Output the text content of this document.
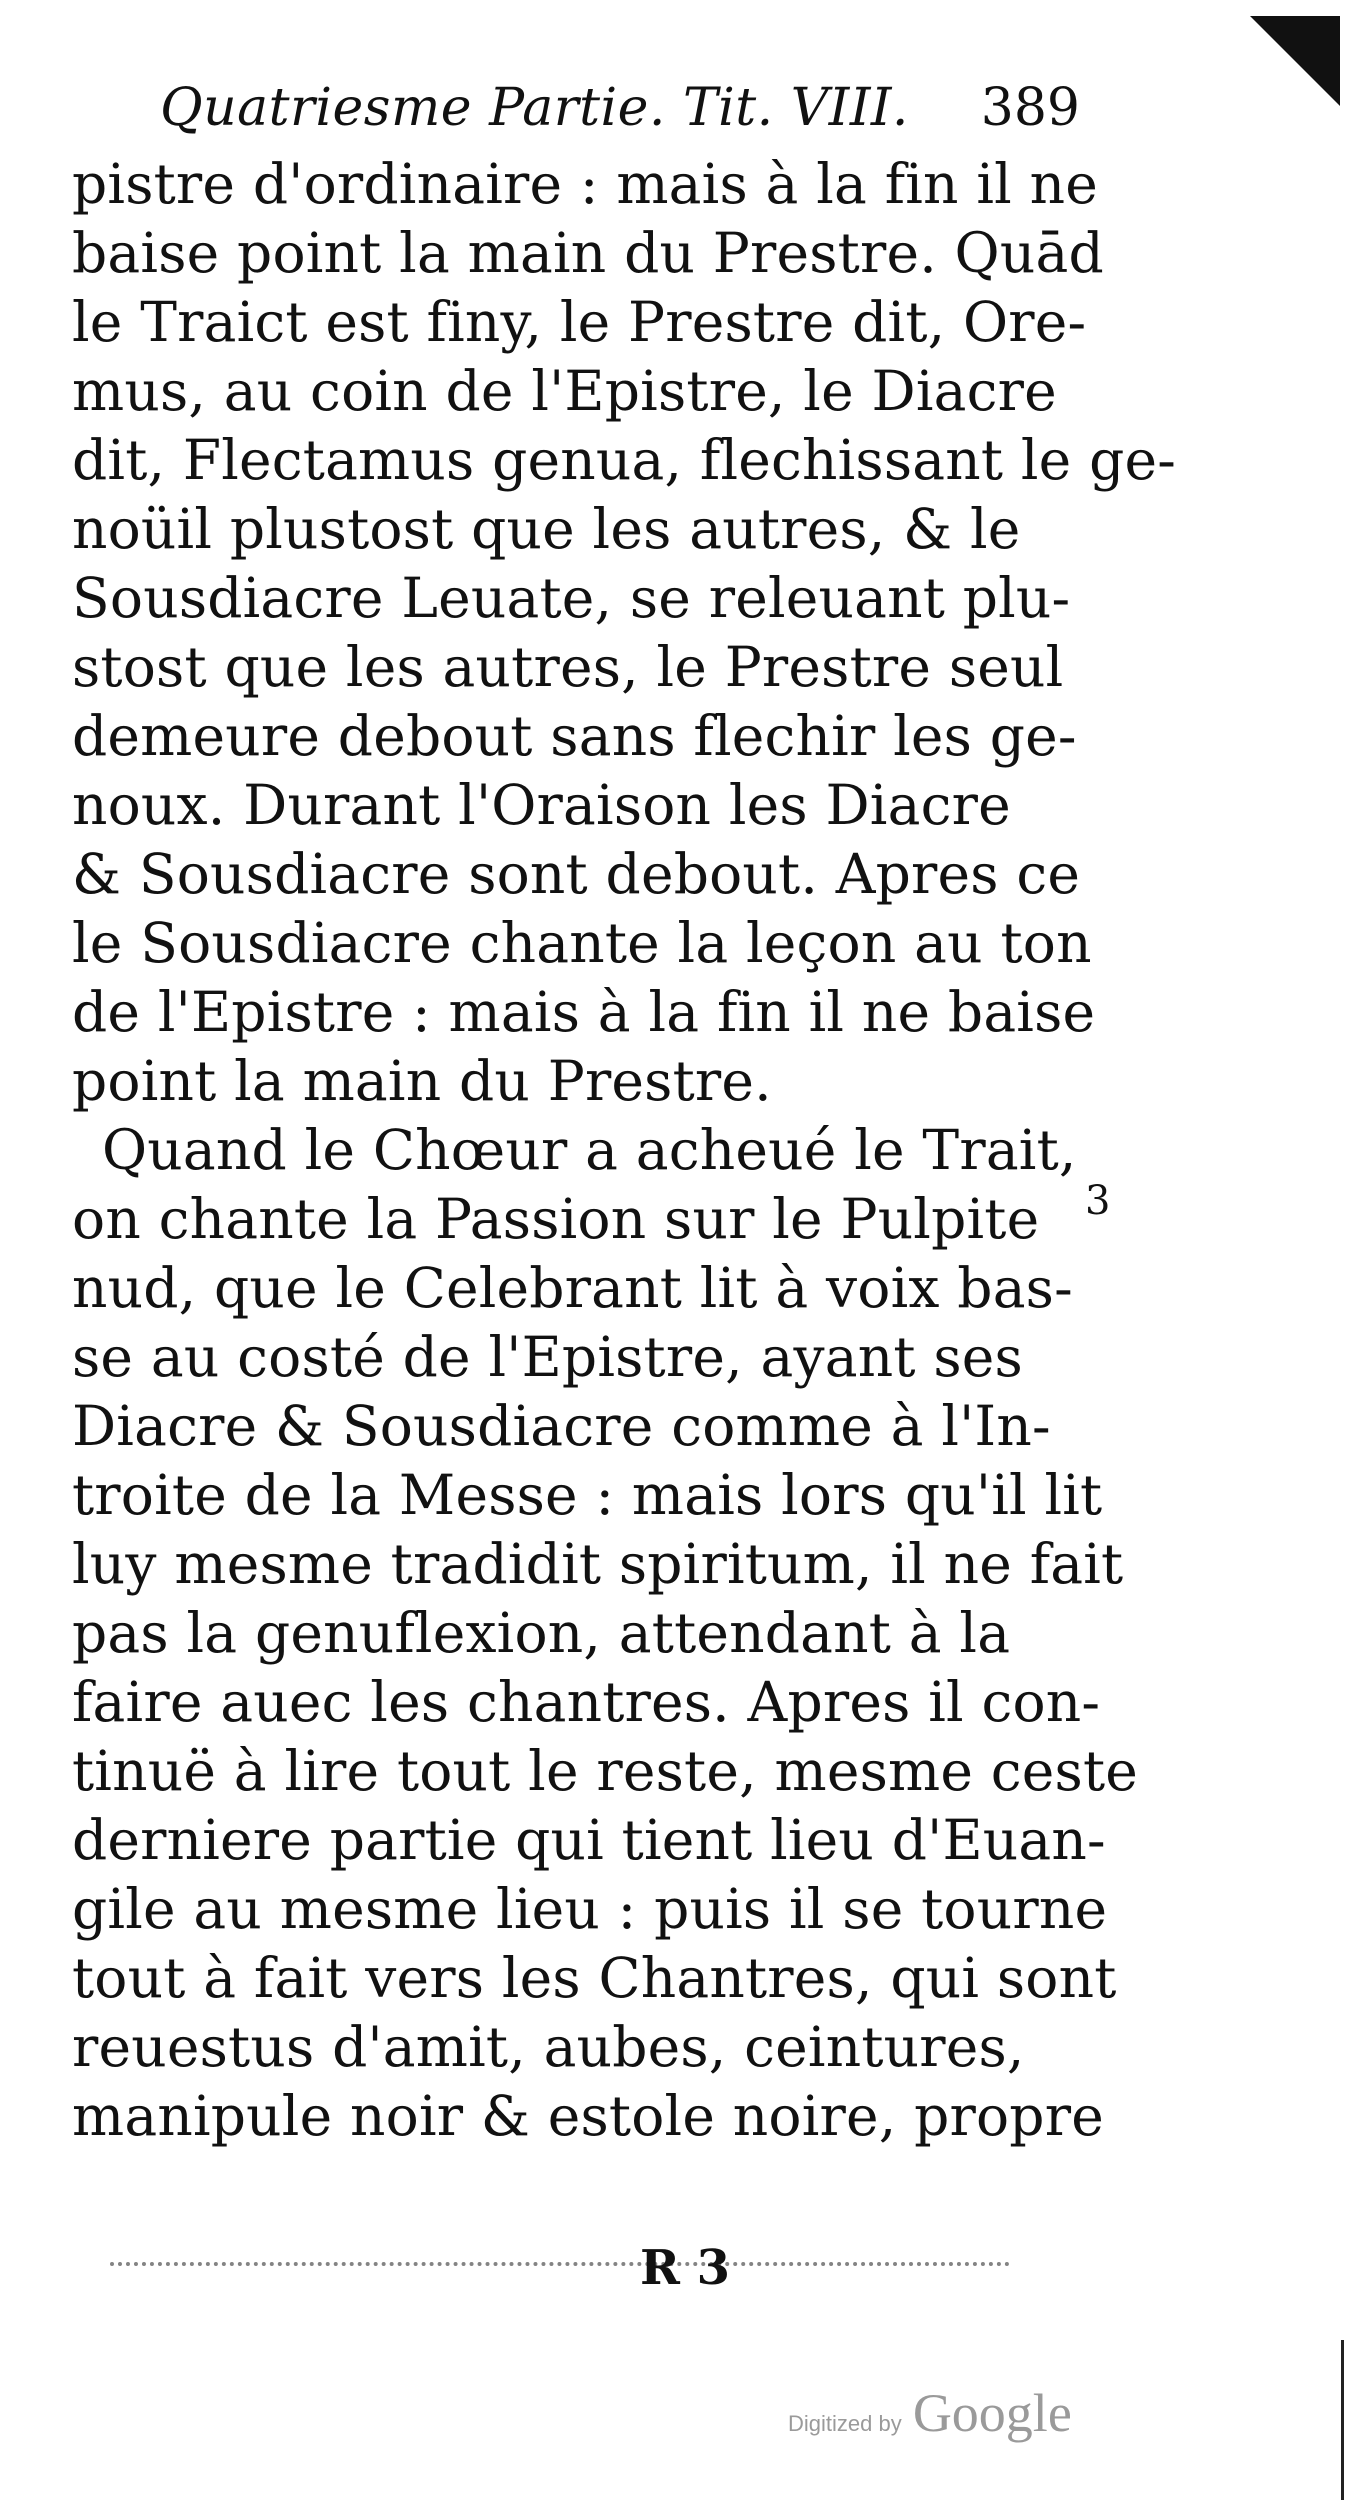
Quatriesme Partie. Tit. VIII. 389
pistre d'ordinaire : mais à la fin il ne
baise point la main du Prestre. Quād
le Traict est finy, le Prestre dit, Ore-
mus, au coin de l'Epistre, le Diacre
dit, Flectamus genua, flechissant le ge-
noüil plustost que les autres, & le
Sousdiacre Leuate, se releuant plu-
stost que les autres, le Prestre seul
demeure debout sans flechir les ge-
noux. Durant l'Oraison les Diacre
& Sousdiacre sont debout. Apres ce
le Sousdiacre chante la leçon au ton
de l'Epistre : mais à la fin il ne baise
point la main du Prestre.
Quand le Chœur a acheué le Trait,
on chante la Passion sur le Pulpite
nud, que le Celebrant lit à voix bas-
se au costé de l'Epistre, ayant ses
Diacre & Sousdiacre comme à l'In-
troite de la Messe : mais lors qu'il lit
luy mesme tradidit spiritum, il ne fait
pas la genuflexion, attendant à la
faire auec les chantres. Apres il con-
tinuë à lire tout le reste, mesme ceste
derniere partie qui tient lieu d'Euan-
gile au mesme lieu : puis il se tourne
tout à fait vers les Chantres, qui sont
reuestus d'amit, aubes, ceintures,
manipule noir & estole noire, propre
3
R 3
Digitized by Google
